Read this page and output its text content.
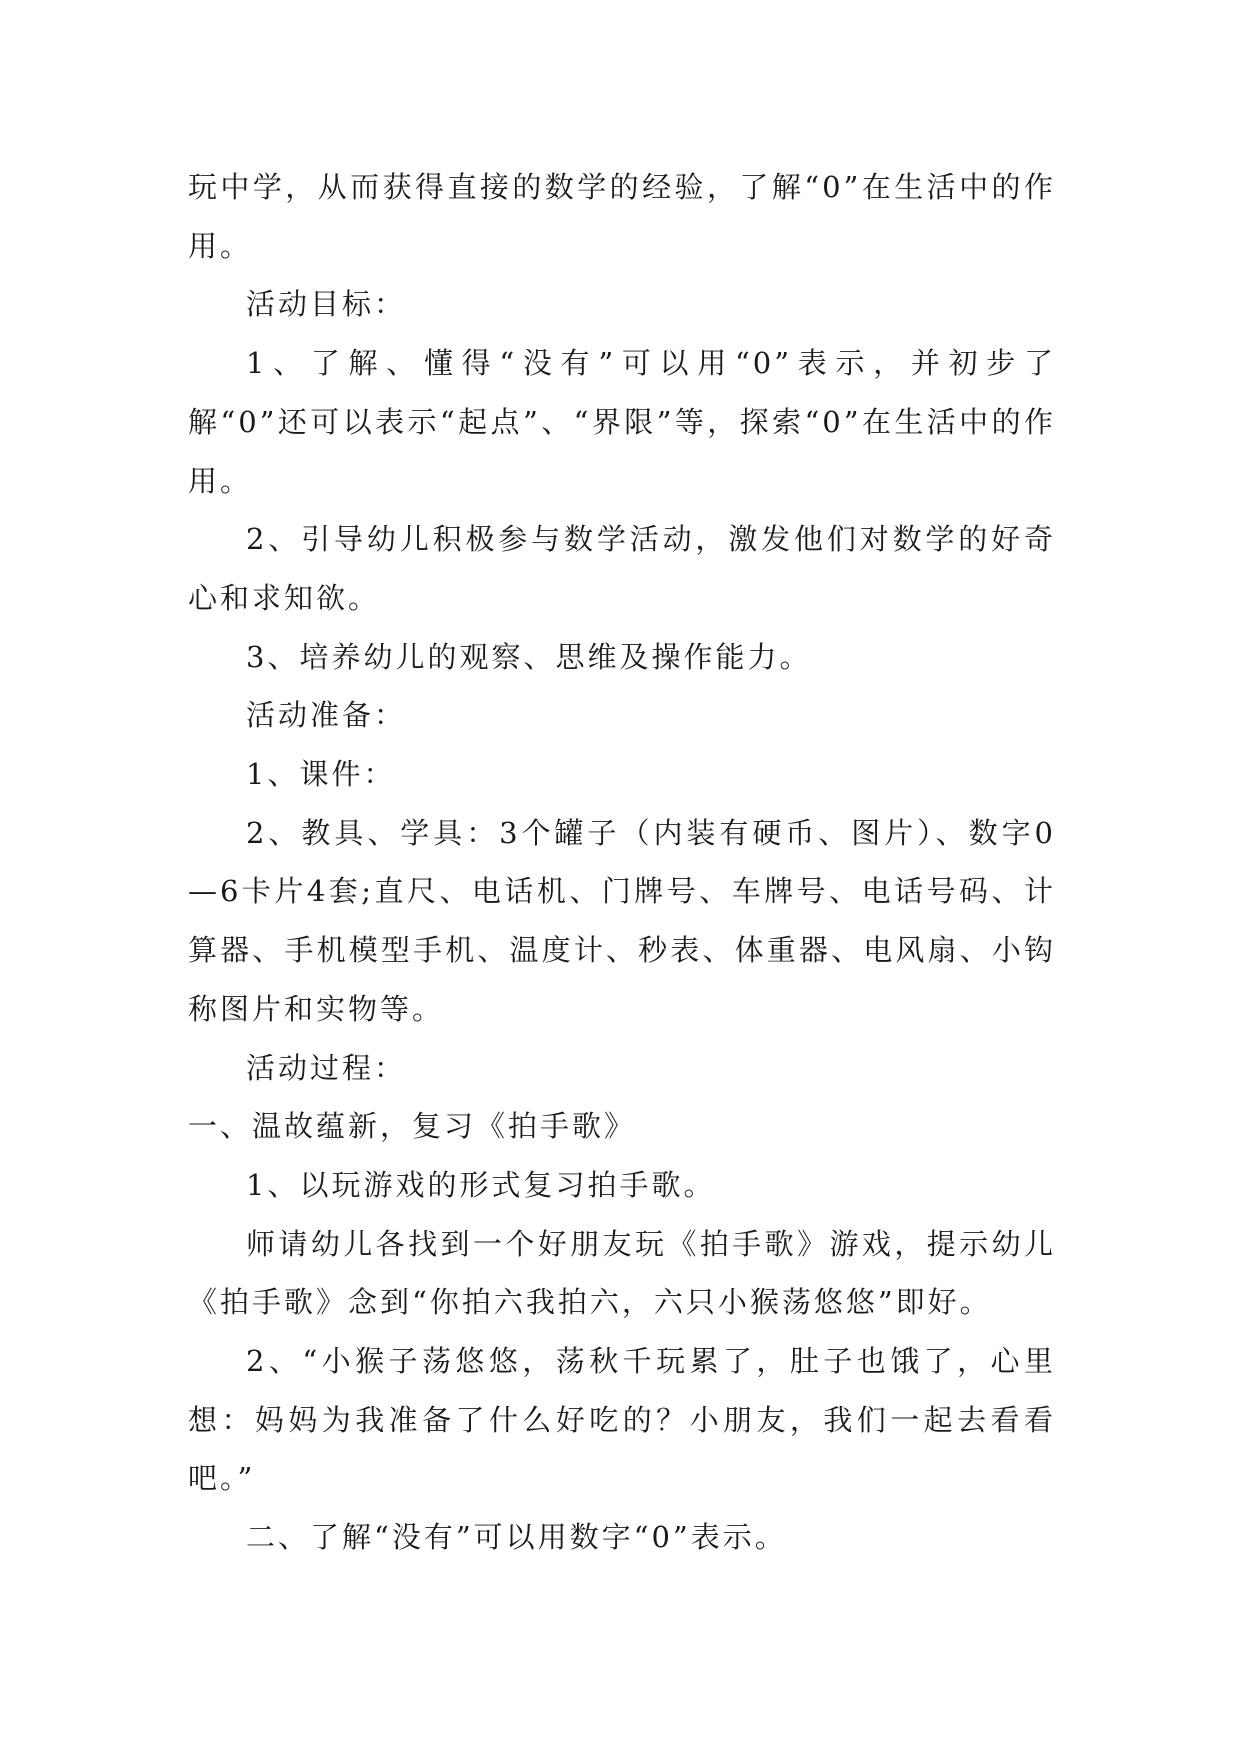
玩中学，从而获得直接的数学的经验，了解“0”在生活中的作用。

活动目标：

1、了解、懂得“没有”可以用“0”表示，并初步了解“0”还可以表示“起点”、“界限”等，探索“0”在生活中的作用。

2、引导幼儿积极参与数学活动，激发他们对数学的好奇心和求知欲。

3、培养幼儿的观察、思维及操作能力。

活动准备：

1、课件：

2、教具、学具：3个罐子（内装有硬币、图片）、数字0—6卡片4套;直尺、电话机、门牌号、车牌号、电话号码、计算器、手机模型手机、温度计、秒表、体重器、电风扇、小钩称图片和实物等。

活动过程：

一、温故蕴新，复习《拍手歌》

1、以玩游戏的形式复习拍手歌。

师请幼儿各找到一个好朋友玩《拍手歌》游戏，提示幼儿《拍手歌》念到“你拍六我拍六，六只小猴荡悠悠”即好。

2、“小猴子荡悠悠，荡秋千玩累了，肚子也饿了，心里想：妈妈为我准备了什么好吃的？小朋友，我们一起去看看吧。”

二、了解“没有”可以用数字“0”表示。
